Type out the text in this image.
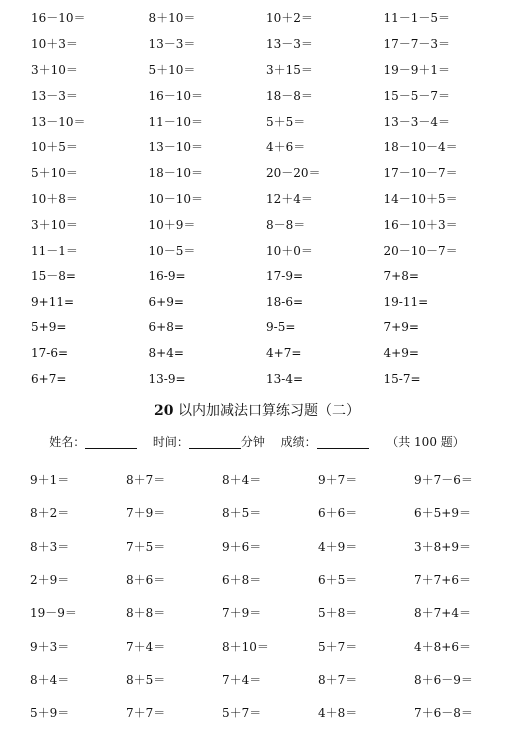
16－10＝	8＋10＝	10＋2＝	11－1－5＝
10＋3＝	13－3＝	13－3＝	17－7－3＝
3＋10＝	5＋10＝	3＋15＝	19－9＋1＝
13－3＝	16－10＝	18－8＝	15－5－7＝
13－10＝	11－10＝	5＋5＝	13－3－4＝
10＋5＝	13－10＝	4＋6＝	18－10－4＝
5＋10＝	18－10＝	20－20＝	17－10－7＝
10＋8＝	10－10＝	12＋4＝	14－10＋5＝
3＋10＝	10＋9＝	8－8＝	16－10＋3＝
11－1＝	10－5＝	10＋0＝	20－10－7＝
15－8=	16-9=	17-9=	7+8=
9+11=	6+9=	18-6=	19-11=
5+9=	6+8=	9-5=	7+9=
17-6=	8+4=	4+7=	4+9=
6+7=	13-9=	13-4=	15-7=
20 以内加减法口算练习题（二）
姓名：	时间：	分钟 成绩：	（共 100 题）
9＋1＝	8＋7＝	8＋4＝	9＋7＝	9＋7－6＝
8＋2＝	7＋9＝	8＋5＝	6＋6＝	6＋5+9＝
8＋3＝	7＋5＝	9＋6＝	4＋9＝	3＋8+9＝
2＋9＝	8＋6＝	6＋8＝	6＋5＝	7＋7+6＝
19－9＝	8＋8＝	7＋9＝	5＋8＝	8＋7+4＝
9＋3＝	7＋4＝	8＋10＝	5＋7＝	4＋8+6＝
8＋4＝	8＋5＝	7＋4＝	8＋7＝	8＋6－9＝
5＋9＝	7＋7＝	5＋7＝	4＋8＝	7＋6－8＝
